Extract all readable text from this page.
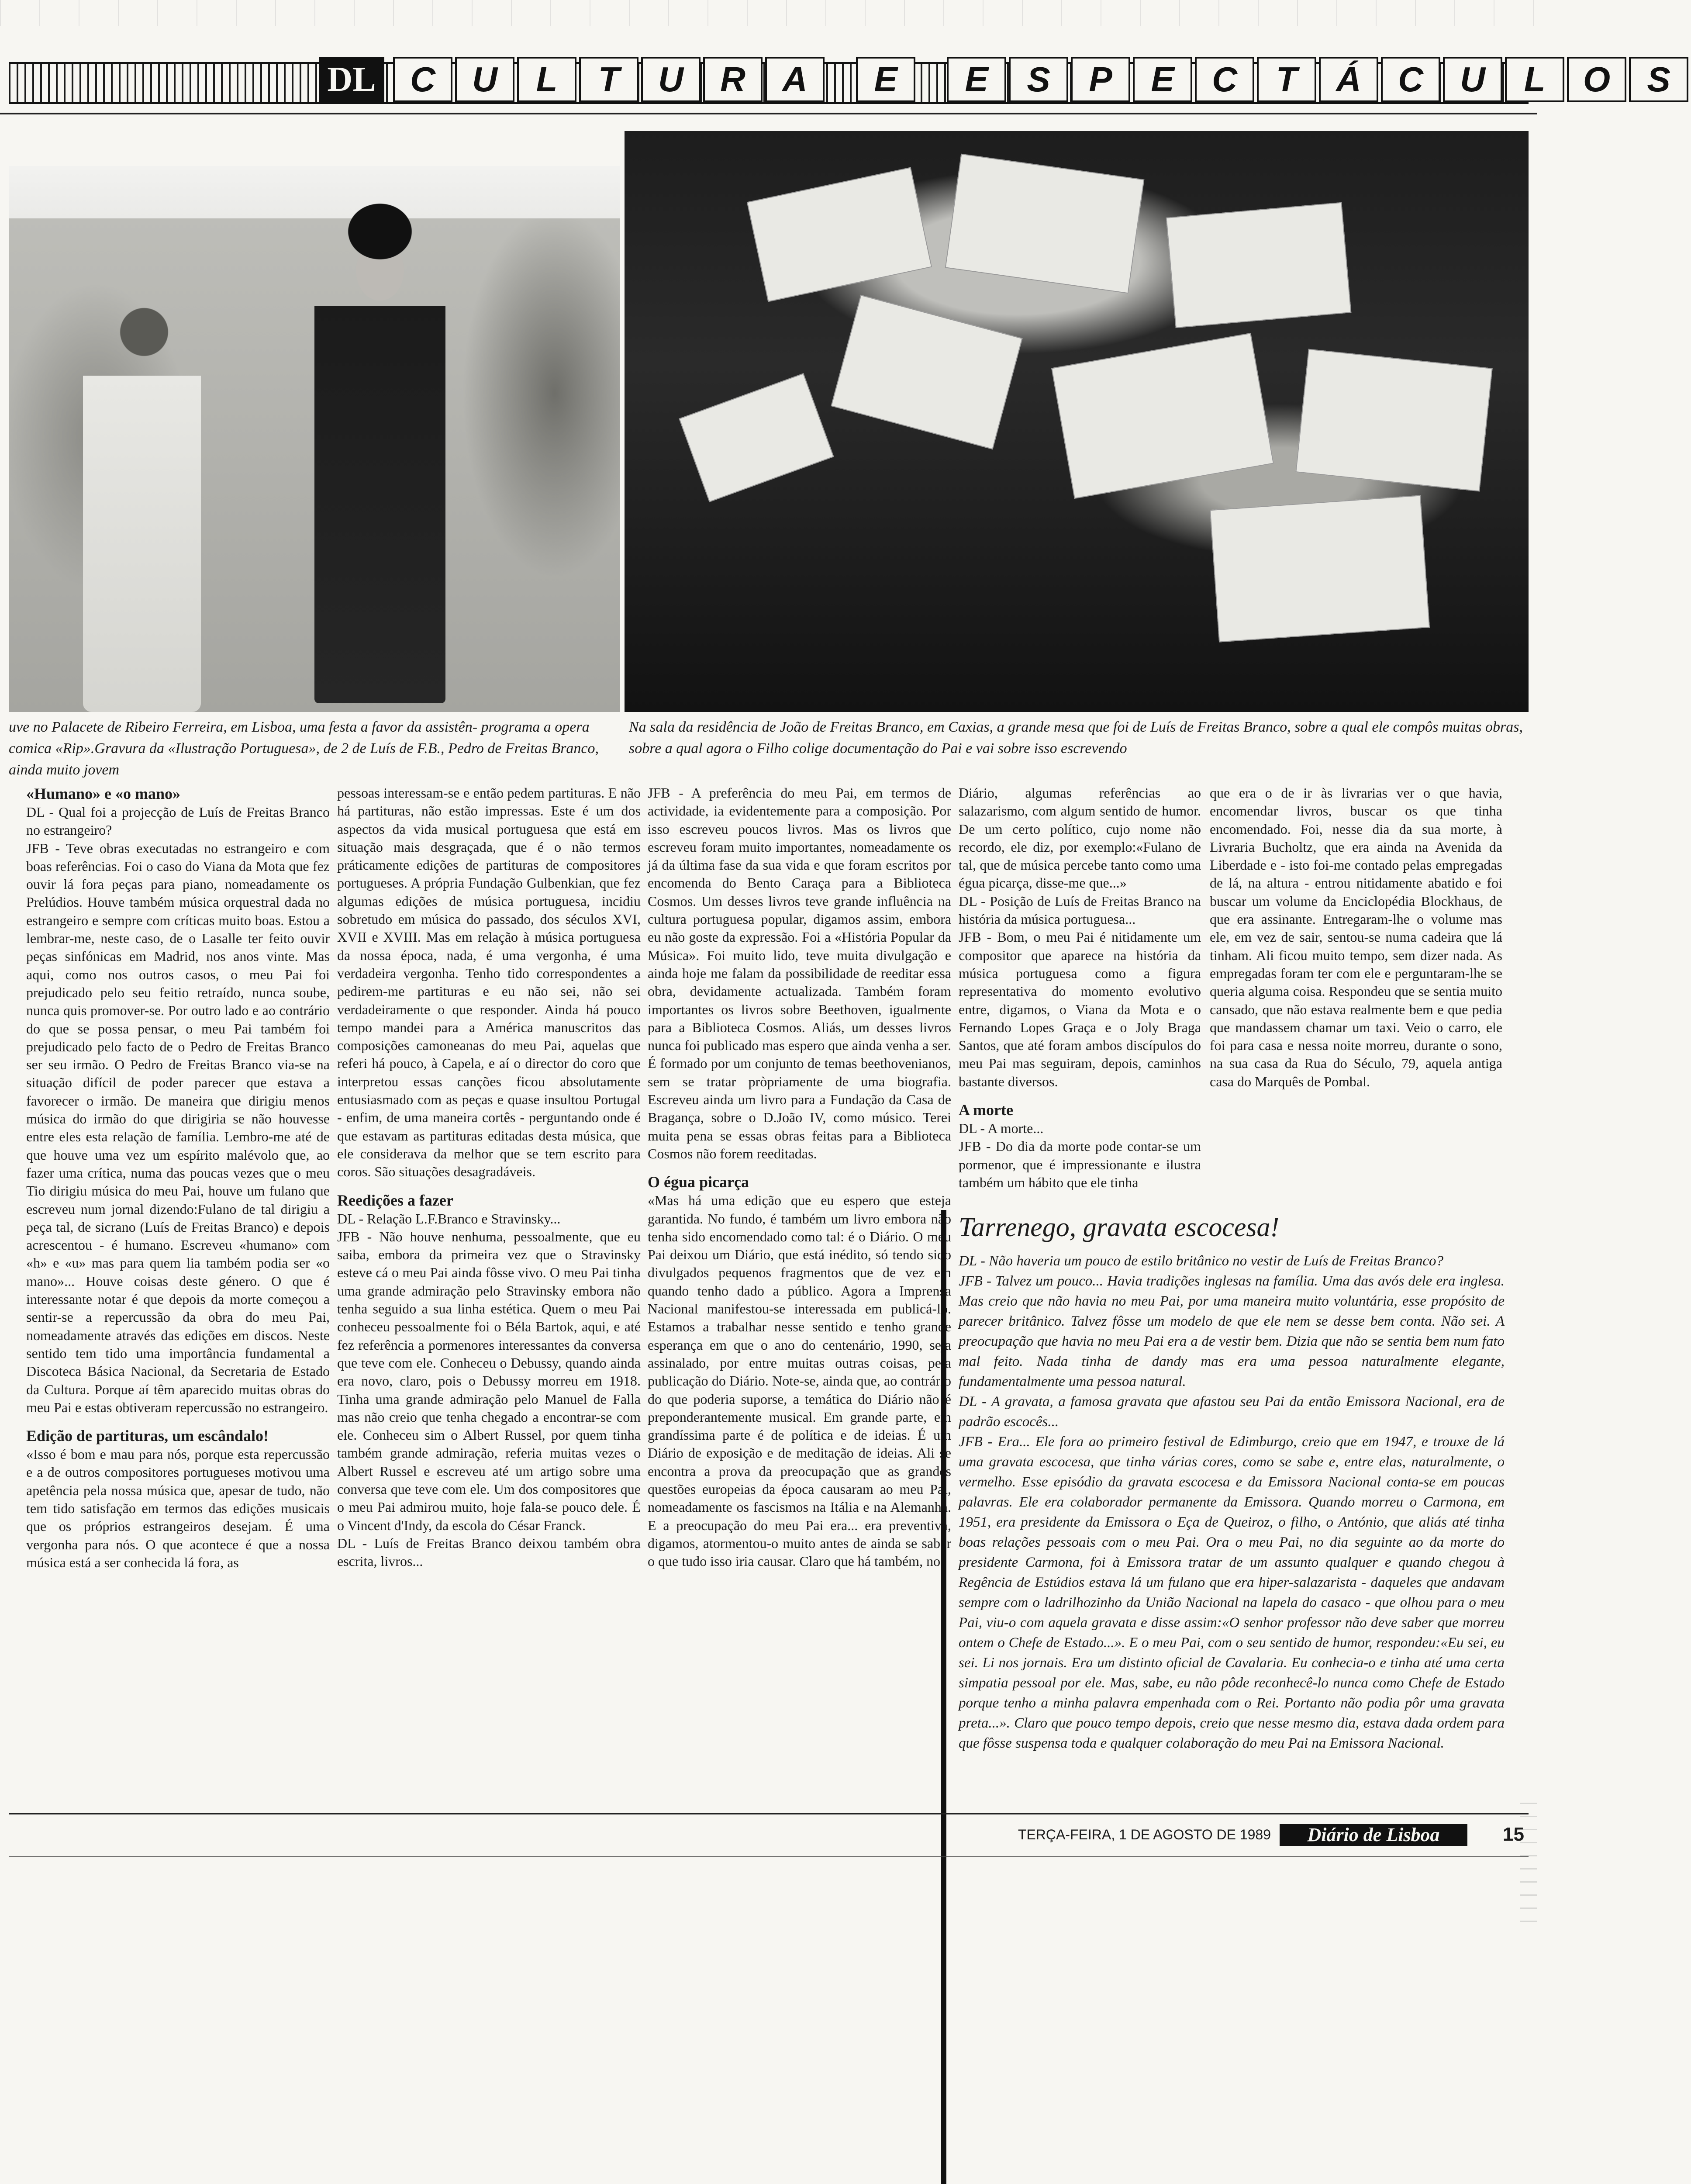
DL C	U	L	T	U	R	A	E	E	S	P	E	C	T	Á	C	U	L	O	S
uve no Palacete de Ribeiro Ferreira, em Lisboa, uma festa a favor da assistên- programa a opera comica «Rip».Gravura da «Ilustração Portuguesa», de 2 de Luís de F.B., Pedro de Freitas Branco, ainda muito jovem
Na sala da residência de João de Freitas Branco, em Caxias, a grande mesa que foi de Luís de Freitas Branco, sobre a qual ele compôs muitas obras, sobre a qual agora o Filho colige documentação do Pai e vai sobre isso escrevendo
«Humano» e «o mano»

DL - Qual foi a projecção de Luís de Freitas Branco no estrangeiro?

JFB - Teve obras executadas no estrangeiro e com boas referências. Foi o caso do Viana da Mota que fez ouvir lá fora peças para piano, nomeadamente os Prelúdios. Houve também música orquestral dada no estrangeiro e sempre com críticas muito boas. Estou a lembrar-me, neste caso, de o Lasalle ter feito ouvir peças sinfónicas em Madrid, nos anos vinte. Mas aqui, como nos outros casos, o meu Pai foi prejudicado pelo seu feitio retraído, nunca soube, nunca quis promover-se. Por outro lado e ao contrário do que se possa pensar, o meu Pai também foi prejudicado pelo facto de o Pedro de Freitas Branco ser seu irmão. O Pedro de Freitas Branco via-se na situação difícil de poder parecer que estava a favorecer o irmão. De maneira que dirigiu menos música do irmão do que dirigiria se não houvesse entre eles esta relação de família. Lembro-me até de que houve uma vez um espírito malévolo que, ao fazer uma crítica, numa das poucas vezes que o meu Tio dirigiu música do meu Pai, houve um fulano que escreveu num jornal dizendo:Fulano de tal dirigiu a peça tal, de sicrano (Luís de Freitas Branco) e depois acrescentou - é humano. Escreveu «humano» com «h» e «u» mas para quem lia também podia ser «o mano»... Houve coisas deste género. O que é interessante notar é que depois da morte começou a sentir-se a repercussão da obra do meu Pai, nomeadamente através das edições em discos. Neste sentido tem tido uma importância fundamental a Discoteca Básica Nacional, da Secretaria de Estado da Cultura. Porque aí têm aparecido muitas obras do meu Pai e estas obtiveram repercussão no estrangeiro.

Edição de partituras, um escândalo!

«Isso é bom e mau para nós, porque esta repercussão e a de outros compositores portugueses motivou uma apetência pela nossa música que, apesar de tudo, não tem tido satisfação em termos das edições musicais que os próprios estrangeiros desejam. É uma vergonha para nós. O que acontece é que a nossa música está a ser conhecida lá fora, as

pessoas interessam-se e então pedem partituras. E não há partituras, não estão impressas. Este é um dos aspectos da vida musical portuguesa que está em situação mais desgraçada, que é o não termos práticamente edições de partituras de compositores portugueses. A própria Fundação Gulbenkian, que fez algumas edições de música portuguesa, incidiu sobretudo em música do passado, dos séculos XVI, XVII e XVIII. Mas em relação à música portuguesa da nossa época, nada, é uma vergonha, é uma verdadeira vergonha. Tenho tido correspondentes a pedirem-me partituras e eu não sei, não sei verdadeiramente o que responder. Ainda há pouco tempo mandei para a América manuscritos das composições camoneanas do meu Pai, aquelas que referi há pouco, à Capela, e aí o director do coro que interpretou essas canções ficou absolutamente entusiasmado com as peças e quase insultou Portugal - enfim, de uma maneira cortês - perguntando onde é que estavam as partituras editadas desta música, que ele considerava da melhor que se tem escrito para coros. São situações desagradáveis.

Reedições a fazer

DL - Relação L.F.Branco e Stravinsky...

JFB - Não houve nenhuma, pessoalmente, que eu saiba, embora da primeira vez que o Stravinsky esteve cá o meu Pai ainda fôsse vivo. O meu Pai tinha uma grande admiração pelo Stravinsky embora não tenha seguido a sua linha estética. Quem o meu Pai conheceu pessoalmente foi o Béla Bartok, aqui, e até fez referência a pormenores interessantes da conversa que teve com ele. Conheceu o Debussy, quando ainda era novo, claro, pois o Debussy morreu em 1918. Tinha uma grande admiração pelo Manuel de Falla mas não creio que tenha chegado a encontrar-se com ele. Conheceu sim o Albert Russel, por quem tinha também grande admiração, referia muitas vezes o Albert Russel e escreveu até um artigo sobre uma conversa que teve com ele. Um dos compositores que o meu Pai admirou muito, hoje fala-se pouco dele. É o Vincent d'Indy, da escola do César Franck.

DL - Luís de Freitas Branco deixou também obra escrita, livros...

JFB - A preferência do meu Pai, em termos de actividade, ia evidentemente para a composição. Por isso escreveu poucos livros. Mas os livros que escreveu foram muito importantes, nomeadamente os já da última fase da sua vida e que foram escritos por encomenda do Bento Caraça para a Biblioteca Cosmos. Um desses livros teve grande influência na cultura portuguesa popular, digamos assim, embora eu não goste da expressão. Foi a «História Popular da Música». Foi muito lido, teve muita divulgação e ainda hoje me falam da possibilidade de reeditar essa obra, devidamente actualizada. Também foram importantes os livros sobre Beethoven, igualmente para a Biblioteca Cosmos. Aliás, um desses livros nunca foi publicado mas espero que ainda venha a ser. É formado por um conjunto de temas beethovenianos, sem se tratar pròpriamente de uma biografia. Escreveu ainda um livro para a Fundação da Casa de Bragança, sobre o D.João IV, como músico. Terei muita pena se essas obras feitas para a Biblioteca Cosmos não forem reeditadas.

O égua picarça

«Mas há uma edição que eu espero que esteja garantida. No fundo, é também um livro embora não tenha sido encomendado como tal: é o Diário. O meu Pai deixou um Diário, que está inédito, só tendo sido divulgados pequenos fragmentos que de vez em quando tenho dado a público. Agora a Imprensa Nacional manifestou-se interessada em publicá-lo. Estamos a trabalhar nesse sentido e tenho grande esperança em que o ano do centenário, 1990, seja assinalado, por entre muitas outras coisas, pela publicação do Diário. Note-se, ainda que, ao contrário do que poderia suporse, a temática do Diário não é preponderantemente musical. Em grande parte, em grandíssima parte é de política e de ideias. É um Diário de exposição e de meditação de ideias. Ali se encontra a prova da preocupação que as grandes questões europeias da época causaram ao meu Pai, nomeadamente os fascismos na Itália e na Alemanha. E a preocupação do meu Pai era... era preventiva, digamos, atormentou-o muito antes de ainda se saber o que tudo isso iria causar. Claro que há também, no

Diário, algumas referências ao salazarismo, com algum sentido de humor. De um certo político, cujo nome não recordo, ele diz, por exemplo:«Fulano de tal, que de música percebe tanto como uma égua picarça, disse-me que...»

DL - Posição de Luís de Freitas Branco na história da música portuguesa...

JFB - Bom, o meu Pai é nitidamente um compositor que aparece na história da música portuguesa como a figura representativa do momento evolutivo entre, digamos, o Viana da Mota e o Fernando Lopes Graça e o Joly Braga Santos, que até foram ambos discípulos do meu Pai mas seguiram, depois, caminhos bastante diversos.

A morte

DL - A morte...

JFB - Do dia da morte pode contar-se um pormenor, que é impressionante e ilustra também um hábito que ele tinha

que era o de ir às livrarias ver o que havia, encomendar livros, buscar os que tinha encomendado. Foi, nesse dia da sua morte, à Livraria Bucholtz, que era ainda na Avenida da Liberdade e - isto foi-me contado pelas empregadas de lá, na altura - entrou nitidamente abatido e foi buscar um volume da Enciclopédia Blockhaus, de que era assinante. Entregaram-lhe o volume mas ele, em vez de sair, sentou-se numa cadeira que lá tinham. Ali ficou muito tempo, sem dizer nada. As empregadas foram ter com ele e perguntaram-lhe se queria alguma coisa. Respondeu que se sentia muito cansado, que não estava realmente bem e que pedia que mandassem chamar um taxi. Veio o carro, ele foi para casa e nessa noite morreu, durante o sono, na sua casa da Rua do Século, 79, aquela antiga casa do Marquês de Pombal.

Tarrenego, gravata escocesa!

DL - Não haveria um pouco de estilo britânico no vestir de Luís de Freitas Branco?

JFB - Talvez um pouco... Havia tradições inglesas na família. Uma das avós dele era inglesa. Mas creio que não havia no meu Pai, por uma maneira muito voluntária, esse propósito de parecer britânico. Talvez fôsse um modelo de que ele nem se desse bem conta. Não sei. A preocupação que havia no meu Pai era a de vestir bem. Dizia que não se sentia bem num fato mal feito. Nada tinha de dandy mas era uma pessoa naturalmente elegante, fundamentalmente uma pessoa natural.

DL - A gravata, a famosa gravata que afastou seu Pai da então Emissora Nacional, era de padrão escocês...

JFB - Era... Ele fora ao primeiro festival de Edimburgo, creio que em 1947, e trouxe de lá uma gravata escocesa, que tinha várias cores, como se sabe e, entre elas, naturalmente, o vermelho. Esse episódio da gravata escocesa e da Emissora Nacional conta-se em poucas palavras. Ele era colaborador permanente da Emissora. Quando morreu o Carmona, em 1951, era presidente da Emissora o Eça de Queiroz, o filho, o António, que aliás até tinha boas relações pessoais com o meu Pai. Ora o meu Pai, no dia seguinte ao da morte do presidente Carmona, foi à Emissora tratar de um assunto qualquer e quando chegou à Regência de Estúdios estava lá um fulano que era hiper-salazarista - daqueles que andavam sempre com o ladrilhozinho da União Nacional na lapela do casaco - que olhou para o meu Pai, viu-o com aquela gravata e disse assim:«O senhor professor não deve saber que morreu ontem o Chefe de Estado...». E o meu Pai, com o seu sentido de humor, respondeu:«Eu sei, eu sei. Li nos jornais. Era um distinto oficial de Cavalaria. Eu conhecia-o e tinha até uma certa simpatia pessoal por ele. Mas, sabe, eu não pôde reconhecê-lo nunca como Chefe de Estado porque tenho a minha palavra empenhada com o Rei. Portanto não podia pôr uma gravata preta...». Claro que pouco tempo depois, creio que nesse mesmo dia, estava dada ordem para que fôsse suspensa toda e qualquer colaboração do meu Pai na Emissora Nacional.

TERÇA-FEIRA, 1 DE AGOSTO DE 1989	Diário de Lisboa	15
